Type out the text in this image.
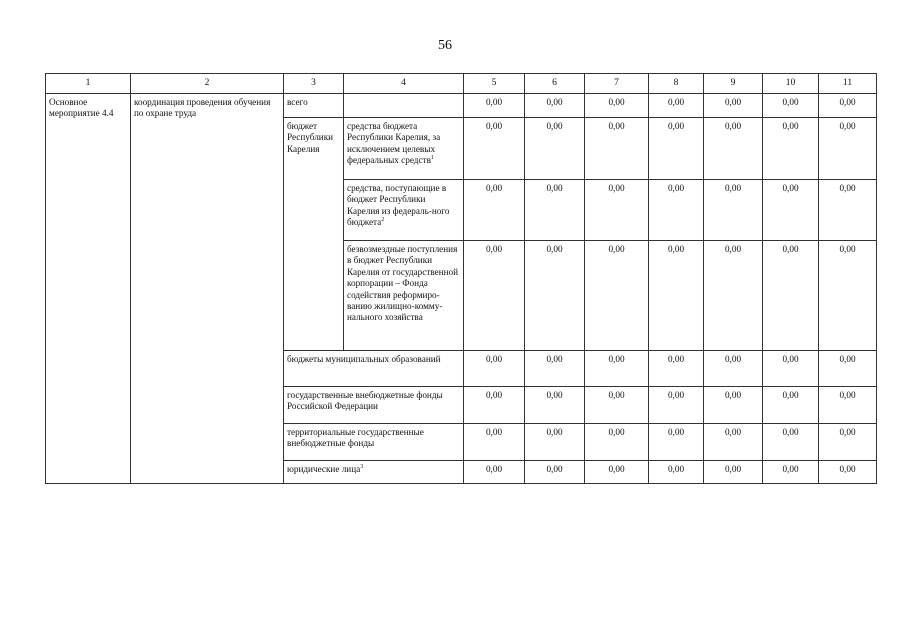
56
1	2	3	4	5	6	7	8	9	10	11
Основное мероприятие 4.4	координация проведения обучения по охране труда	всего		0,00	0,00	0,00	0,00	0,00	0,00	0,00
		бюджет Республики Карелия	средства бюджета Республики Карелия, за исключением целевых федеральных средств$^1$	0,00	0,00	0,00	0,00	0,00	0,00	0,00
			средства, поступающие в бюджет Республики Карелия из федераль-ного бюджета$^2$	0,00	0,00	0,00	0,00	0,00	0,00	0,00
			безвозмездные поступления в бюджет Республики Карелия от государственной корпорации – Фонда содействия реформиро-ванию жилищно-комму-нального хозяйства	0,00	0,00	0,00	0,00	0,00	0,00	0,00
		бюджеты муниципальных образований		0,00	0,00	0,00	0,00	0,00	0,00	0,00
		государственные внебюджетные фонды Российской Федерации		0,00	0,00	0,00	0,00	0,00	0,00	0,00
		территориальные государственные внебюджетные фонды		0,00	0,00	0,00	0,00	0,00	0,00	0,00
		юридические лица$^3$		0,00	0,00	0,00	0,00	0,00	0,00	0,00
